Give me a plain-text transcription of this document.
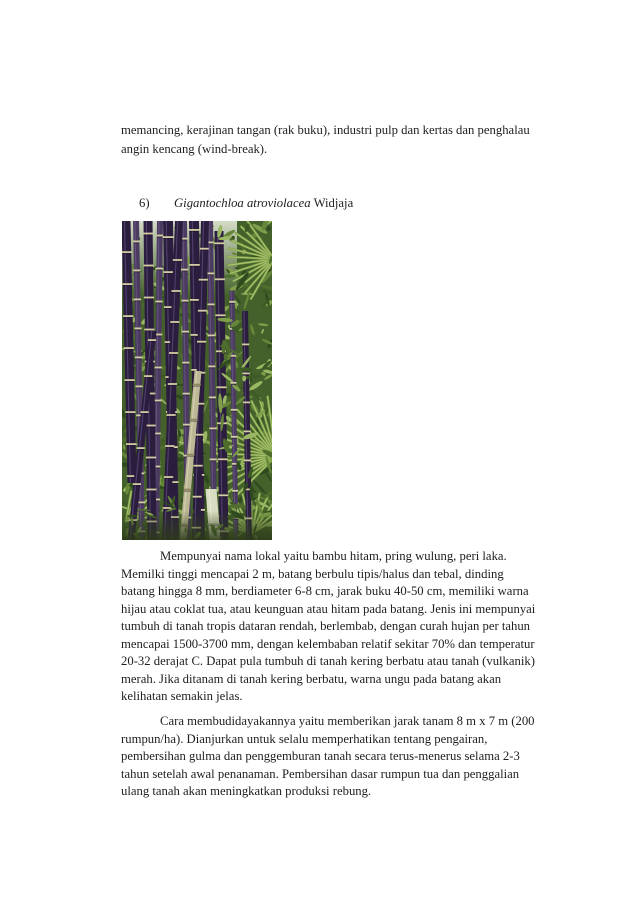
memancing, kerajinan tangan (rak buku), industri pulp dan kertas dan penghalau
angin kencang (wind-break).
6) Gigantochloa atroviolacea Widjaja
Mempunyai nama lokal yaitu bambu hitam, pring wulung, peri laka.
Memilki tinggi mencapai 2 m, batang berbulu tipis/halus dan tebal, dinding
batang hingga 8 mm, berdiameter 6-8 cm, jarak buku 40-50 cm, memiliki warna
hijau atau coklat tua, atau keunguan atau hitam pada batang. Jenis ini mempunyai
tumbuh di tanah tropis dataran rendah, berlembab, dengan curah hujan per tahun
mencapai 1500-3700 mm, dengan kelembaban relatif sekitar 70% dan temperatur
20-32 derajat C. Dapat pula tumbuh di tanah kering berbatu atau tanah (vulkanik)
merah. Jika ditanam di tanah kering berbatu, warna ungu pada batang akan
kelihatan semakin jelas.
Cara membudidayakannya yaitu memberikan jarak tanam 8 m x 7 m (200
rumpun/ha). Dianjurkan untuk selalu memperhatikan tentang pengairan,
pembersihan gulma dan penggemburan tanah secara terus-menerus selama 2-3
tahun setelah awal penanaman. Pembersihan dasar rumpun tua dan penggalian
ulang tanah akan meningkatkan produksi rebung.
